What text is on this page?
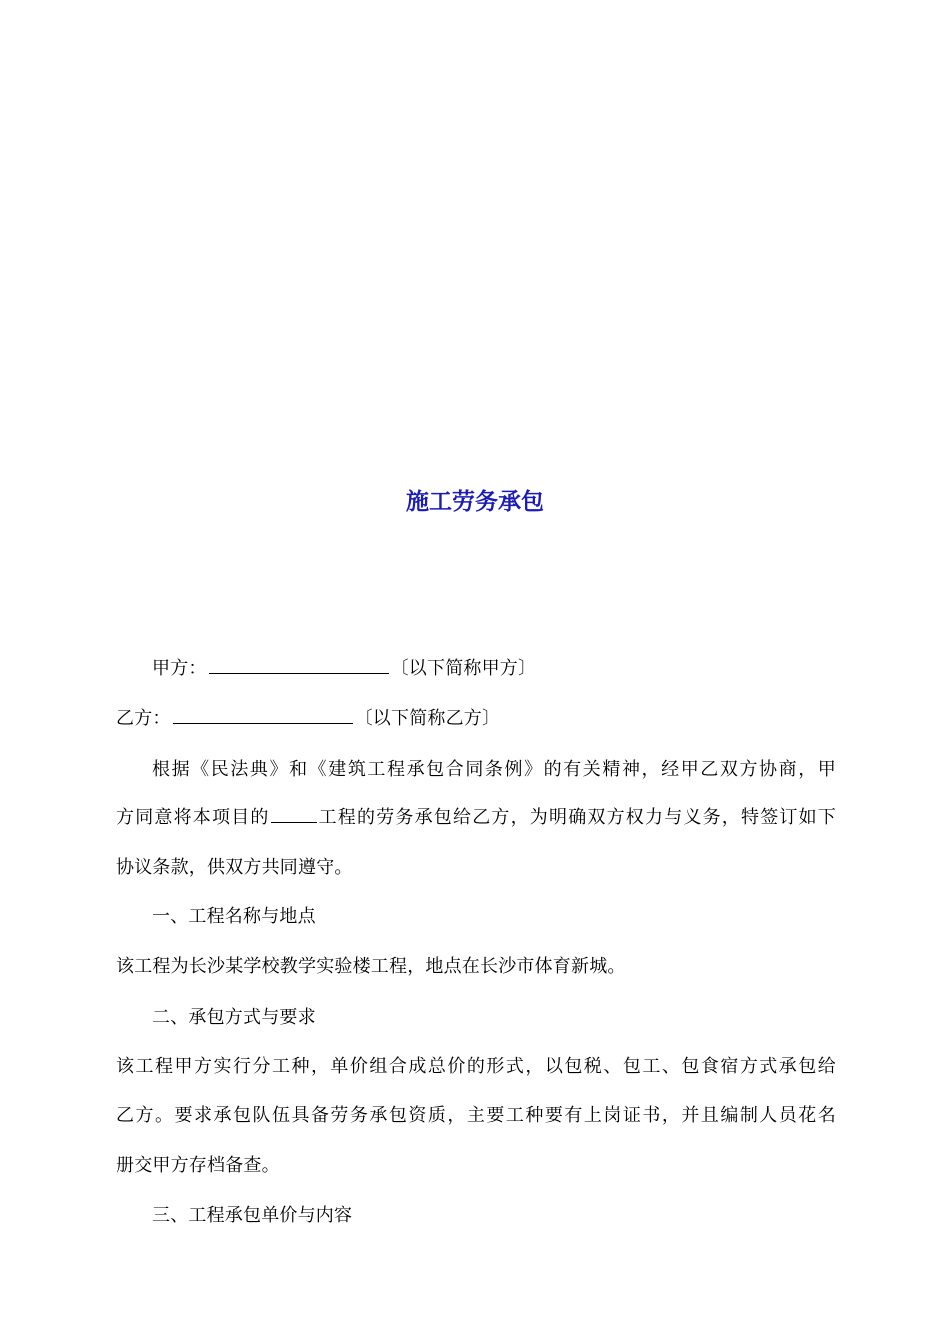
施工劳务承包
甲方：	〔以下简称甲方〕
乙方：	〔以下简称乙方〕
根据《民法典》和《建筑工程承包合同条例》的有关精神，经甲乙双方协商，甲
方同意将本项目的	工程的劳务承包给乙方，为明确双方权力与义务，特签订如下
协议条款，供双方共同遵守。
一、工程名称与地点
该工程为长沙某学校教学实验楼工程，地点在长沙市体育新城。
二、承包方式与要求
该工程甲方实行分工种，单价组合成总价的形式，以包税、包工、包食宿方式承包给
乙方。要求承包队伍具备劳务承包资质，主要工种要有上岗证书，并且编制人员花名
册交甲方存档备查。
三、工程承包单价与内容
